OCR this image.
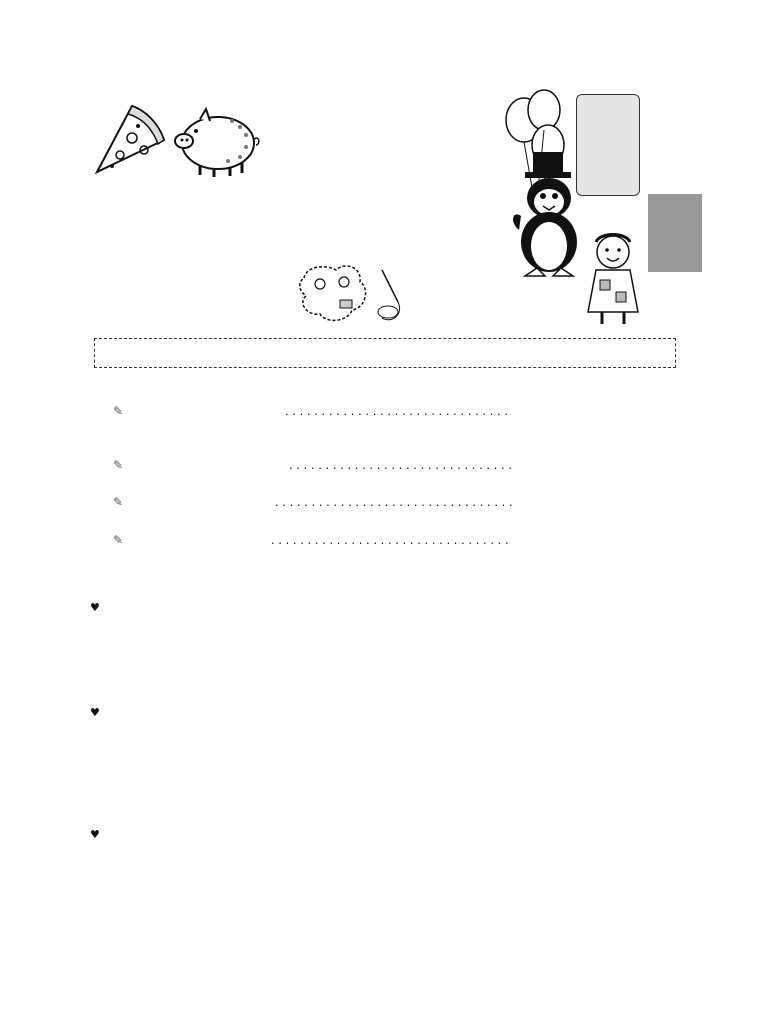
✎	. . . . . . . . . . . . . . . . . . . . . . . . . . . . . . .
✎	. . . . . . . . . . . . . . . . . . . . . . . . . . . . . . .
✎	. . . . . . . . . . . . . . . . . . . . . . . . . . . . . . . . .
✎	. . . . . . . . . . . . . . . . . . . . . . . . . . . . . . . . .
♥
♥
♥
